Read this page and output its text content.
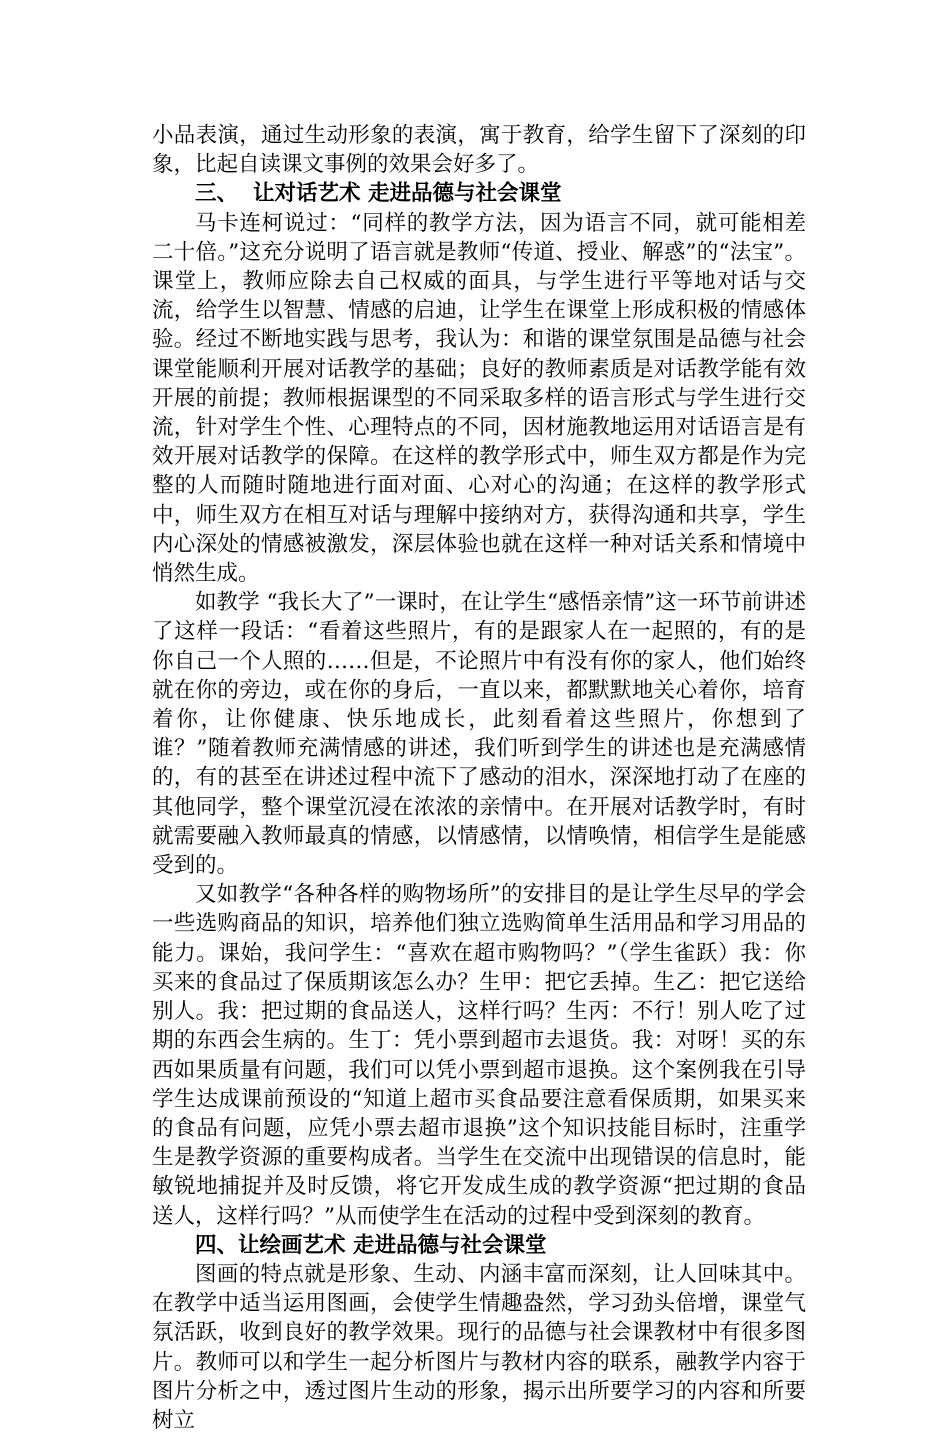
小品表演，通过生动形象的表演，寓于教育，给学生留下了深刻的印象，比起自读课文事例的效果会好多了。

三、  让对话艺术 走进品德与社会课堂

马卡连柯说过：“同样的教学方法，因为语言不同，就可能相差二十倍。”这充分说明了语言就是教师“传道、授业、解惑”的“法宝”。课堂上，教师应除去自己权威的面具，与学生进行平等地对话与交流，给学生以智慧、情感的启迪，让学生在课堂上形成积极的情感体验。经过不断地实践与思考，我认为：和谐的课堂氛围是品德与社会课堂能顺利开展对话教学的基础；良好的教师素质是对话教学能有效开展的前提；教师根据课型的不同采取多样的语言形式与学生进行交流，针对学生个性、心理特点的不同，因材施教地运用对话语言是有效开展对话教学的保障。在这样的教学形式中，师生双方都是作为完整的人而随时随地进行面对面、心对心的沟通；在这样的教学形式中，师生双方在相互对话与理解中接纳对方，获得沟通和共享，学生内心深处的情感被激发，深层体验也就在这样一种对话关系和情境中悄然生成。

如教学 “我长大了”一课时，在让学生“感悟亲情”这一环节前讲述了这样一段话：“看着这些照片，有的是跟家人在一起照的，有的是你自己一个人照的……但是，不论照片中有没有你的家人，他们始终就在你的旁边，或在你的身后，一直以来，都默默地关心着你，培育着你，让你健康、快乐地成长，此刻看着这些照片，你想到了谁？”随着教师充满情感的讲述，我们听到学生的讲述也是充满感情的，有的甚至在讲述过程中流下了感动的泪水，深深地打动了在座的其他同学，整个课堂沉浸在浓浓的亲情中。在开展对话教学时，有时就需要融入教师最真的情感，以情感情，以情唤情，相信学生是能感受到的。

又如教学“各种各样的购物场所”的安排目的是让学生尽早的学会一些选购商品的知识，培养他们独立选购简单生活用品和学习用品的能力。课始，我问学生：“喜欢在超市购物吗？”（学生雀跃）我：你买来的食品过了保质期该怎么办？生甲：把它丢掉。生乙：把它送给别人。我：把过期的食品送人，这样行吗？生丙：不行！别人吃了过期的东西会生病的。生丁：凭小票到超市去退货。我：对呀！买的东西如果质量有问题，我们可以凭小票到超市退换。这个案例我在引导学生达成课前预设的“知道上超市买食品要注意看保质期，如果买来的食品有问题，应凭小票去超市退换”这个知识技能目标时，注重学生是教学资源的重要构成者。当学生在交流中出现错误的信息时，能敏锐地捕捉并及时反馈，将它开发成生成的教学资源“把过期的食品送人，这样行吗？”从而使学生在活动的过程中受到深刻的教育。

四、让绘画艺术 走进品德与社会课堂

图画的特点就是形象、生动、内涵丰富而深刻，让人回味其中。在教学中适当运用图画，会使学生情趣盎然，学习劲头倍增，课堂气氛活跃，收到良好的教学效果。现行的品德与社会课教材中有很多图片。教师可以和学生一起分析图片与教材内容的联系，融教学内容于图片分析之中，透过图片生动的形象，揭示出所要学习的内容和所要树立
